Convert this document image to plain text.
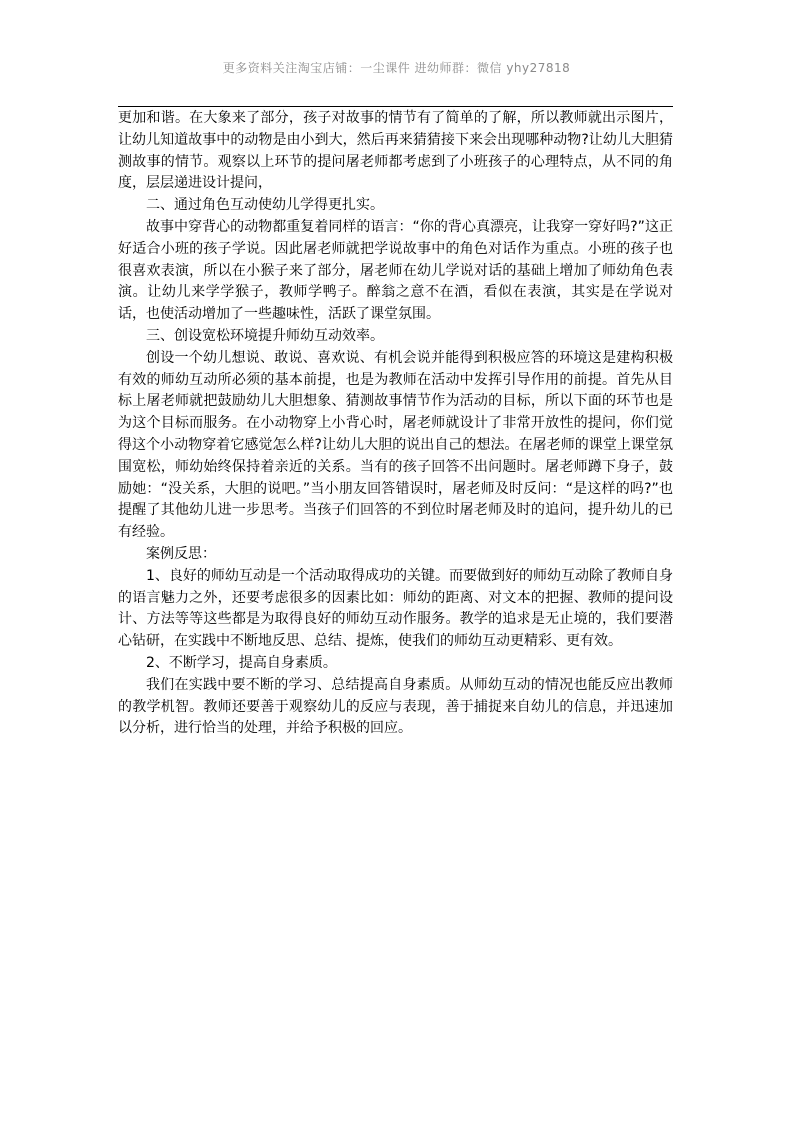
更多资料关注淘宝店铺：一尘课件 进幼师群：微信 yhy27818

更加和谐。在大象来了部分，孩子对故事的情节有了简单的了解，所以教师就出示图片，让幼儿知道故事中的动物是由小到大，然后再来猜猜接下来会出现哪种动物?让幼儿大胆猜测故事的情节。观察以上环节的提问屠老师都考虑到了小班孩子的心理特点，从不同的角度，层层递进设计提问，

二、通过角色互动使幼儿学得更扎实。

故事中穿背心的动物都重复着同样的语言：“你的背心真漂亮，让我穿一穿好吗?”这正好适合小班的孩子学说。因此屠老师就把学说故事中的角色对话作为重点。小班的孩子也很喜欢表演，所以在小猴子来了部分，屠老师在幼儿学说对话的基础上增加了师幼角色表演。让幼儿来学学猴子，教师学鸭子。醉翁之意不在酒，看似在表演，其实是在学说对话，也使活动增加了一些趣味性，活跃了课堂氛围。

三、创设宽松环境提升师幼互动效率。

创设一个幼儿想说、敢说、喜欢说、有机会说并能得到积极应答的环境这是建构积极有效的师幼互动所必须的基本前提，也是为教师在活动中发挥引导作用的前提。首先从目标上屠老师就把鼓励幼儿大胆想象、猜测故事情节作为活动的目标，所以下面的环节也是为这个目标而服务。在小动物穿上小背心时，屠老师就设计了非常开放性的提问，你们觉得这个小动物穿着它感觉怎么样?让幼儿大胆的说出自己的想法。在屠老师的课堂上课堂氛围宽松，师幼始终保持着亲近的关系。当有的孩子回答不出问题时。屠老师蹲下身子，鼓励她：“没关系，大胆的说吧。”当小朋友回答错误时，屠老师及时反问：“是这样的吗?”也提醒了其他幼儿进一步思考。当孩子们回答的不到位时屠老师及时的追问，提升幼儿的已有经验。

案例反思：

1、良好的师幼互动是一个活动取得成功的关键。而要做到好的师幼互动除了教师自身的语言魅力之外，还要考虑很多的因素比如：师幼的距离、对文本的把握、教师的提问设计、方法等等这些都是为取得良好的师幼互动作服务。教学的追求是无止境的，我们要潜心钻研，在实践中不断地反思、总结、提炼，使我们的师幼互动更精彩、更有效。

2、不断学习，提高自身素质。

我们在实践中要不断的学习、总结提高自身素质。从师幼互动的情况也能反应出教师的教学机智。教师还要善于观察幼儿的反应与表现，善于捕捉来自幼儿的信息，并迅速加以分析，进行恰当的处理，并给予积极的回应。
